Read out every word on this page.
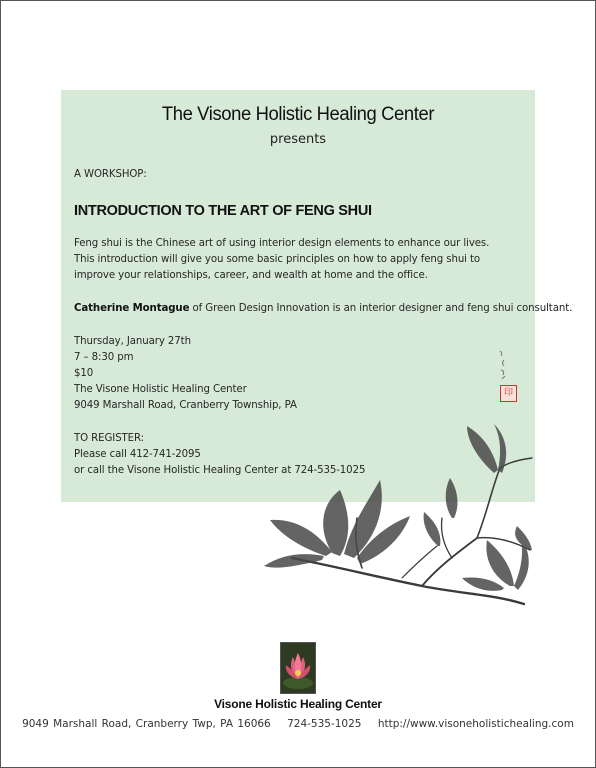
The Visone Holistic Healing Center
presents
A WORKSHOP:
INTRODUCTION TO THE ART OF FENG SHUI
Feng shui is the Chinese art of using interior design elements to enhance our lives.
This introduction will give you some basic principles on how to apply feng shui to
improve your relationships, career, and wealth at home and the office.
Catherine Montague of Green Design Innovation is an interior designer and feng shui consultant.
Thursday, January 27th
7 – 8:30 pm
$10
The Visone Holistic Healing Center
9049 Marshall Road, Cranberry Township, PA
TO REGISTER:
Please call 412-741-2095
or call the Visone Holistic Healing Center at 724-535-1025
印
Visone Holistic Healing Center
9049 Marshall Road, Cranberry Twp, PA 16066 724-535-1025 http://www.visoneholistichealing.com
